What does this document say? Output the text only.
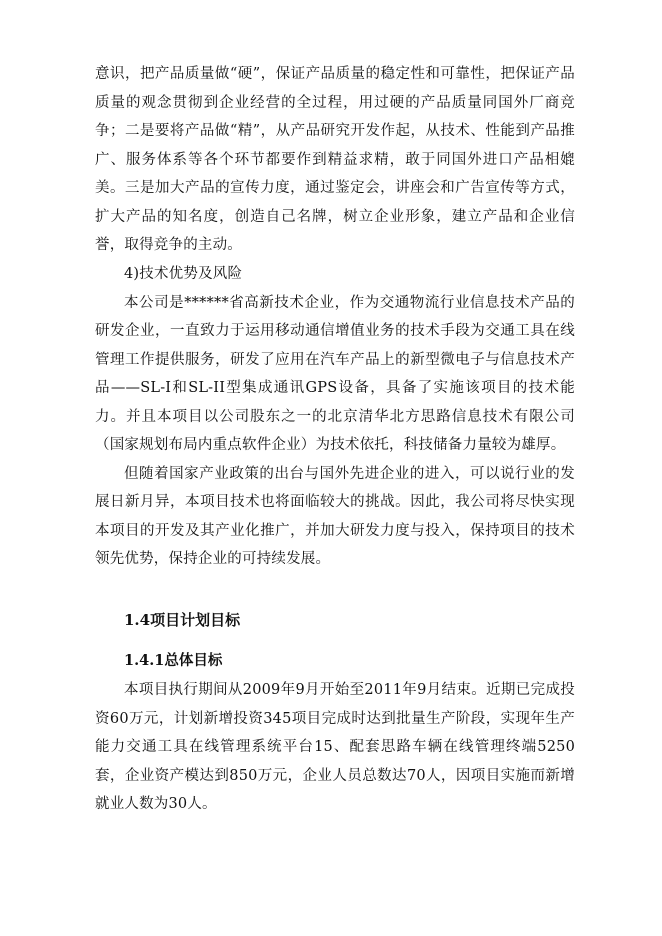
意识，把产品质量做“硬”，保证产品质量的稳定性和可靠性，把保证产品质量的观念贯彻到企业经营的全过程，用过硬的产品质量同国外厂商竞争；二是要将产品做“精”，从产品研究开发作起，从技术、性能到产品推广、服务体系等各个环节都要作到精益求精，敢于同国外进口产品相媲美。三是加大产品的宣传力度，通过鉴定会，讲座会和广告宣传等方式，扩大产品的知名度，创造自己名牌，树立企业形象，建立产品和企业信誉，取得竞争的主动。

4)技术优势及风险

本公司是******省高新技术企业，作为交通物流行业信息技术产品的研发企业，一直致力于运用移动通信增值业务的技术手段为交通工具在线管理工作提供服务，研发了应用在汽车产品上的新型微电子与信息技术产品——SL-I和SL-II型集成通讯GPS设备，具备了实施该项目的技术能力。并且本项目以公司股东之一的北京清华北方思路信息技术有限公司（国家规划布局内重点软件企业）为技术依托，科技储备力量较为雄厚。

但随着国家产业政策的出台与国外先进企业的进入，可以说行业的发展日新月异，本项目技术也将面临较大的挑战。因此，我公司将尽快实现本项目的开发及其产业化推广，并加大研发力度与投入，保持项目的技术领先优势，保持企业的可持续发展。

1.4项目计划目标
1.4.1总体目标

本项目执行期间从2009年9月开始至2011年9月结束。近期已完成投资60万元，计划新增投资345项目完成时达到批量生产阶段，实现年生产能力交通工具在线管理系统平台15、配套思路车辆在线管理终端5250套，企业资产模达到850万元，企业人员总数达70人，因项目实施而新增就业人数为30人。
